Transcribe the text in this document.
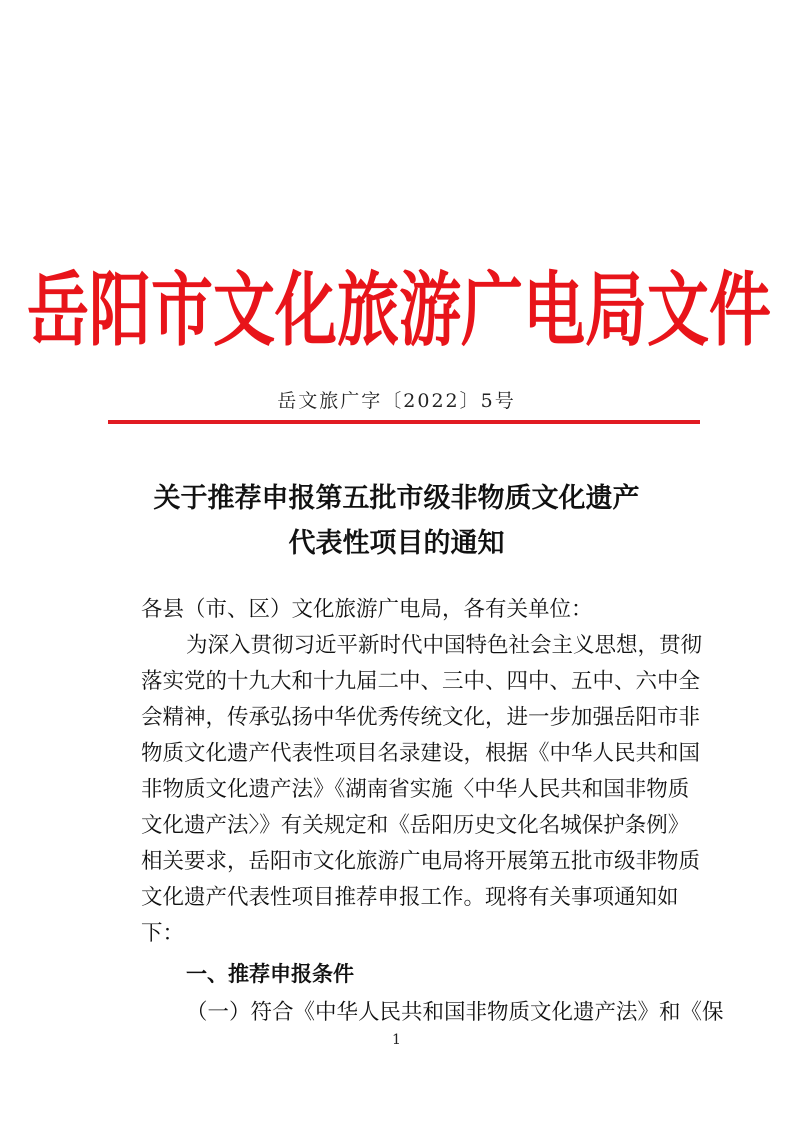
岳阳市文化旅游广电局文件
岳文旅广字〔2022〕5号
关于推荐申报第五批市级非物质文化遗产
代表性项目的通知
各县（市、区）文化旅游广电局，各有关单位：
为深入贯彻习近平新时代中国特色社会主义思想，贯彻
落实党的十九大和十九届二中、三中、四中、五中、六中全
会精神，传承弘扬中华优秀传统文化，进一步加强岳阳市非
物质文化遗产代表性项目名录建设，根据《中华人民共和国
非物质文化遗产法》《湖南省实施〈中华人民共和国非物质
文化遗产法〉》有关规定和《岳阳历史文化名城保护条例》
相关要求，岳阳市文化旅游广电局将开展第五批市级非物质
文化遗产代表性项目推荐申报工作。现将有关事项通知如
下：
一、推荐申报条件
（一）符合《中华人民共和国非物质文化遗产法》和《保
1
